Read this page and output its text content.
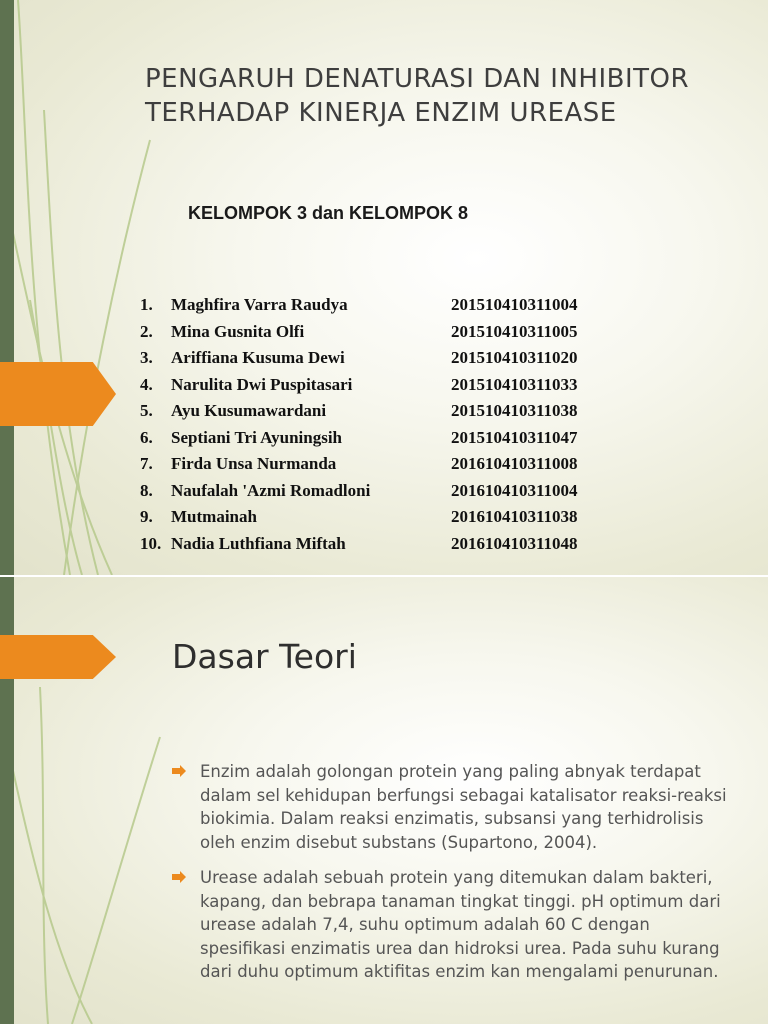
PENGARUH DENATURASI DAN INHIBITOR TERHADAP KINERJA ENZIM UREASE
KELOMPOK 3 dan KELOMPOK 8
1.	Maghfira Varra Raudya	201510410311004
2.	Mina Gusnita Olfi	201510410311005
3.	Ariffiana Kusuma Dewi	201510410311020
4.	Narulita Dwi Puspitasari	201510410311033
5.	Ayu Kusumawardani	201510410311038
6.	Septiani Tri Ayuningsih	201510410311047
7.	Firda Unsa Nurmanda	201610410311008
8.	Naufalah 'Azmi Romadloni	201610410311004
9.	Mutmainah	201610410311038
10. Nadia Luthfiana Miftah	201610410311048
Dasar Teori
Enzim adalah golongan protein yang paling abnyak terdapat dalam sel kehidupan berfungsi sebagai katalisator reaksi-reaksi biokimia. Dalam reaksi enzimatis, subsansi yang terhidrolisis oleh enzim disebut substans (Supartono, 2004).
Urease adalah sebuah protein yang ditemukan dalam bakteri, kapang, dan bebrapa tanaman tingkat tinggi. pH optimum dari urease adalah 7,4, suhu optimum adalah 60 C dengan spesifikasi enzimatis urea dan hidroksi urea. Pada suhu kurang dari duhu optimum aktifitas enzim kan mengalami penurunan.
